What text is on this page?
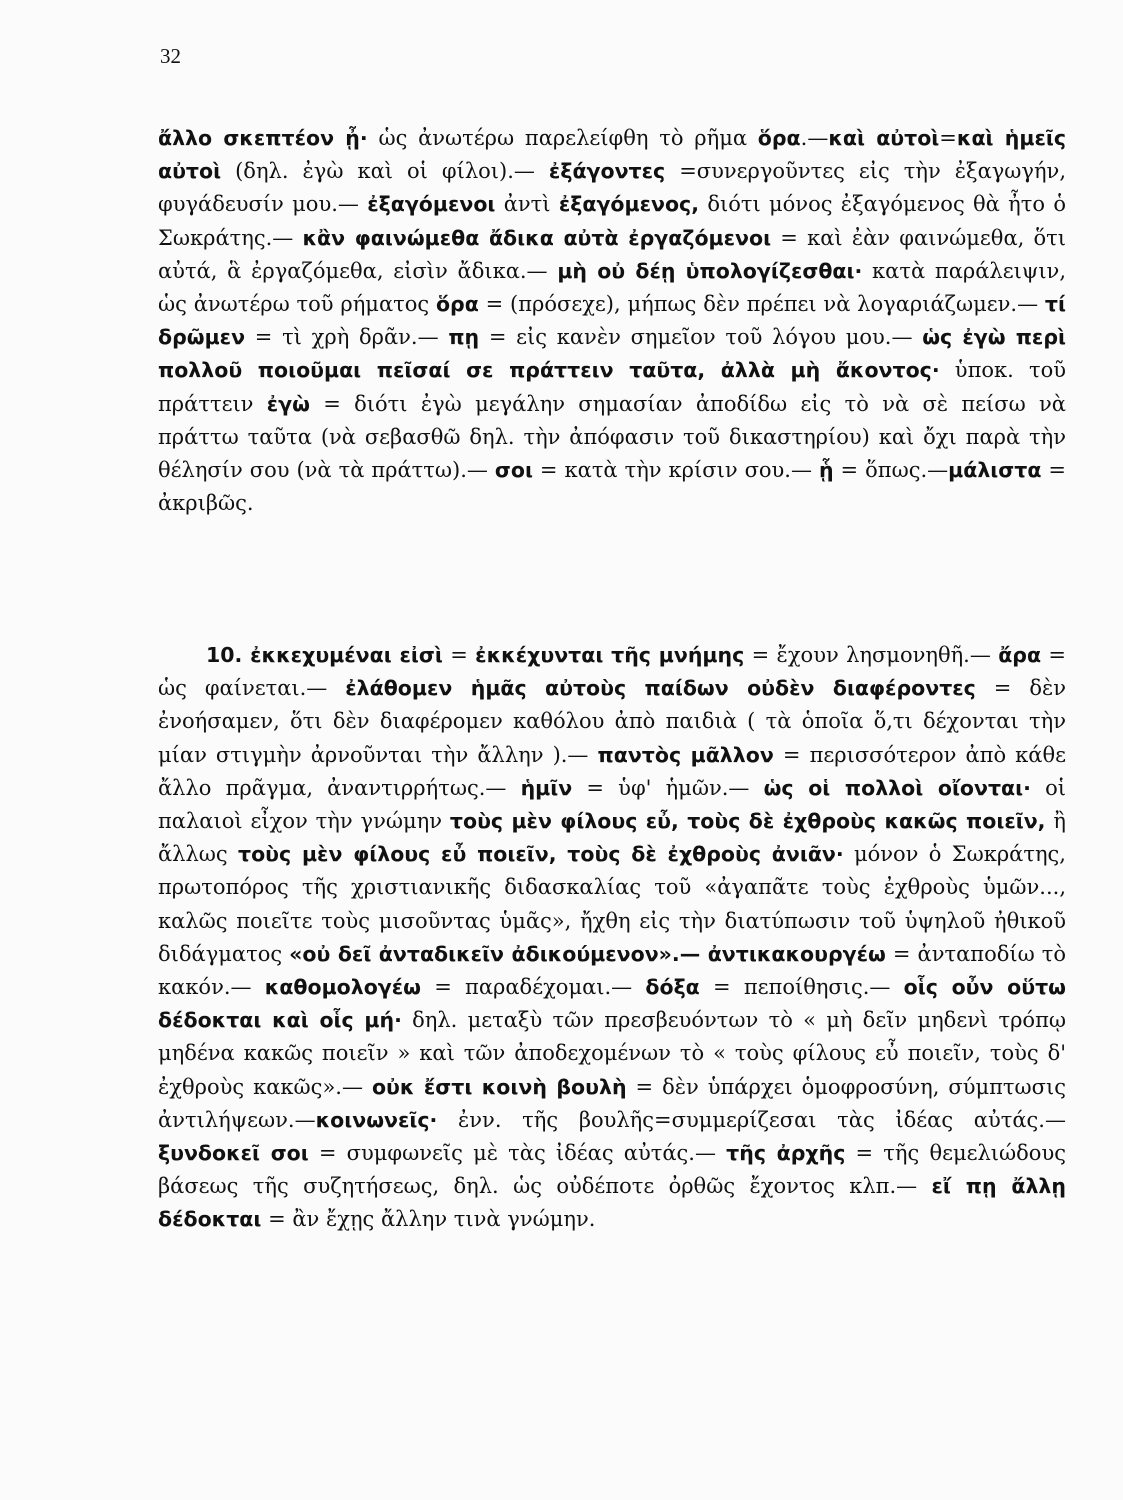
32

ἄλλο σκεπτέον ᾖ· ὡς ἀνωτέρω παρελείφθη τὸ ρῆμα ὅρα.—καὶ αὐτοὶ=καὶ ἡμεῖς αὐτοὶ (δηλ. ἐγὼ καὶ οἱ φίλοι).— ἐξάγοντες =συνεργοῦντες εἰς τὴν ἐξαγωγήν, φυγάδευσίν μου.— ἐξαγόμενοι ἀντὶ ἐξαγόμενος, διότι μόνος ἐξαγόμενος θὰ ἦτο ὁ Σωκράτης.— κἂν φαινώμεθα ἄδικα αὐτὰ ἐργαζόμενοι = καὶ ἐὰν φαινώμεθα, ὅτι αὐτά, ἃ ἐργαζόμεθα, εἰσὶν ἄδικα.— μὴ οὐ δέῃ ὑπολογίζεσθαι· κατὰ παράλειψιν, ὡς ἀνωτέρω τοῦ ρήματος ὅρα = (πρόσεχε), μήπως δὲν πρέπει νὰ λογαριάζωμεν.— τί δρῶμεν = τὶ χρὴ δρᾶν.— πῃ = εἰς κανὲν σημεῖον τοῦ λόγου μου.— ὡς ἐγὼ περὶ πολλοῦ ποιοῦμαι πεῖσαί σε πράττειν ταῦτα, ἀλλὰ μὴ ἄκοντος· ὑποκ. τοῦ πράττειν ἐγὼ = διότι ἐγὼ μεγάλην σημασίαν ἀποδίδω εἰς τὸ νὰ σὲ πείσω νὰ πράττω ταῦτα (νὰ σεβασθῶ δηλ. τὴν ἀπόφασιν τοῦ δικαστηρίου) καὶ ὄχι παρὰ τὴν θέλησίν σου (νὰ τὰ πράττω).— σοι = κατὰ τὴν κρίσιν σου.— ᾗ = ὅπως.—μάλιστα = ἀκριβῶς.

10. ἐκκεχυμέναι εἰσὶ = ἐκκέχυνται τῆς μνήμης = ἔχουν λησμονηθῆ.— ἄρα = ὡς φαίνεται.— ἐλάθομεν ἡμᾶς αὐτοὺς παίδων οὐδὲν διαφέροντες = δὲν ἐνοήσαμεν, ὅτι δὲν διαφέρομεν καθόλου ἀπὸ παιδιὰ ( τὰ ὁποῖα ὅ,τι δέχονται τὴν μίαν στιγμὴν ἀρνοῦνται τὴν ἄλλην ).— παντὸς μᾶλλον = περισσότερον ἀπὸ κάθε ἄλλο πρᾶγμα, ἀναντιρρήτως.— ἡμῖν = ὑφ' ἡμῶν.— ὡς οἱ πολλοὶ οἴονται· οἱ παλαιοὶ εἶχον τὴν γνώμην τοὺς μὲν φίλους εὖ, τοὺς δὲ ἐχθροὺς κακῶς ποιεῖν, ἢ ἄλλως τοὺς μὲν φίλους εὖ ποιεῖν, τοὺς δὲ ἐχθροὺς ἀνιᾶν· μόνον ὁ Σωκράτης, πρωτοπόρος τῆς χριστιανικῆς διδασκαλίας τοῦ «ἀγαπᾶτε τοὺς ἐχθροὺς ὑμῶν..., καλῶς ποιεῖτε τοὺς μισοῦντας ὑμᾶς», ἤχθη εἰς τὴν διατύπωσιν τοῦ ὑψηλοῦ ἠθικοῦ διδάγματος «οὐ δεῖ ἀνταδικεῖν ἀδικούμενον».— ἀντικακουργέω = ἀνταποδίω τὸ κακόν.— καθομολογέω = παραδέχομαι.— δόξα = πεποίθησις.— οἷς οὖν οὕτω δέδοκται καὶ οἷς μή· δηλ. μεταξὺ τῶν πρεσβευόντων τὸ « μὴ δεῖν μηδενὶ τρόπῳ μηδένα κακῶς ποιεῖν » καὶ τῶν ἀποδεχομένων τὸ « τοὺς φίλους εὖ ποιεῖν, τοὺς δ' ἐχθροὺς κακῶς».— οὐκ ἔστι κοινὴ βουλὴ = δὲν ὑπάρχει ὁμοφροσύνη, σύμπτωσις ἀντιλήψεων.—κοινωνεῖς· ἐνν. τῆς βουλῆς=συμμερίζεσαι τὰς ἰδέας αὐτάς.—ξυνδοκεῖ σοι = συμφωνεῖς μὲ τὰς ἰδέας αὐτάς.— τῆς ἀρχῆς = τῆς θεμελιώδους βάσεως τῆς συζητήσεως, δηλ. ὡς οὐδέποτε ὀρθῶς ἔχοντος κλπ.— εἴ πῃ ἄλλῃ δέδοκται = ἂν ἔχῃς ἄλλην τινὰ γνώμην.
